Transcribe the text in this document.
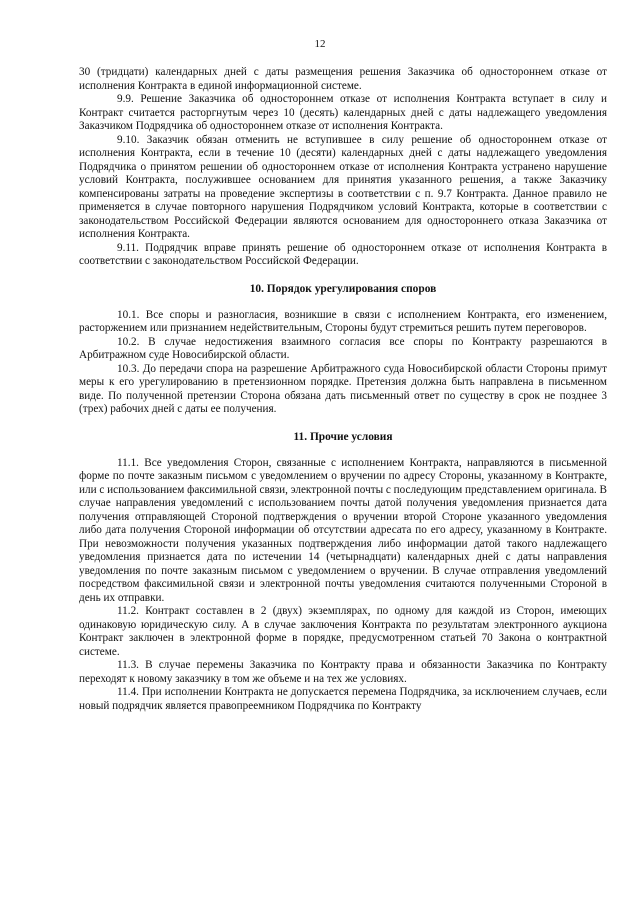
12

30 (тридцати) календарных дней с даты размещения решения Заказчика об одностороннем отказе от исполнения Контракта в единой информационной системе.

9.9. Решение Заказчика об одностороннем отказе от исполнения Контракта вступает в силу и Контракт считается расторгнутым через 10 (десять) календарных дней с даты надлежащего уведомления Заказчиком Подрядчика об одностороннем отказе от исполнения Контракта.

9.10. Заказчик обязан отменить не вступившее в силу решение об одностороннем отказе от исполнения Контракта, если в течение 10 (десяти) календарных дней с даты надлежащего уведомления Подрядчика о принятом решении об одностороннем отказе от исполнения Контракта устранено нарушение условий Контракта, послужившее основанием для принятия указанного решения, а также Заказчику компенсированы затраты на проведение экспертизы в соответствии с п. 9.7 Контракта. Данное правило не применяется в случае повторного нарушения Подрядчиком условий Контракта, которые в соответствии с законодательством Российской Федерации являются основанием для одностороннего отказа Заказчика от исполнения Контракта.

9.11. Подрядчик вправе принять решение об одностороннем отказе от исполнения Контракта в соответствии с законодательством Российской Федерации.

10. Порядок урегулирования споров

10.1. Все споры и разногласия, возникшие в связи с исполнением Контракта, его изменением, расторжением или признанием недействительным, Стороны будут стремиться решить путем переговоров.

10.2. В случае недостижения взаимного согласия все споры по Контракту разрешаются в Арбитражном суде Новосибирской области.

10.3. До передачи спора на разрешение Арбитражного суда Новосибирской области Стороны примут меры к его урегулированию в претензионном порядке. Претензия должна быть направлена в письменном виде. По полученной претензии Сторона обязана дать письменный ответ по существу в срок не позднее 3 (трех) рабочих дней с даты ее получения.

11. Прочие условия

11.1. Все уведомления Сторон, связанные с исполнением Контракта, направляются в письменной форме по почте заказным письмом с уведомлением о вручении по адресу Стороны, указанному в Контракте, или с использованием факсимильной связи, электронной почты с последующим представлением оригинала. В случае направления уведомлений с использованием почты датой получения уведомления признается дата получения отправляющей Стороной подтверждения о вручении второй Стороне указанного уведомления либо дата получения Стороной информации об отсутствии адресата по его адресу, указанному в Контракте. При невозможности получения указанных подтверждения либо информации датой такого надлежащего уведомления признается дата по истечении 14 (четырнадцати) календарных дней с даты направления уведомления по почте заказным письмом с уведомлением о вручении. В случае отправления уведомлений посредством факсимильной связи и электронной почты уведомления считаются полученными Стороной в день их отправки.

11.2. Контракт составлен в 2 (двух) экземплярах, по одному для каждой из Сторон, имеющих одинаковую юридическую силу. А в случае заключения Контракта по результатам электронного аукциона Контракт заключен в электронной форме в порядке, предусмотренном статьей 70 Закона о контрактной системе.

11.3. В случае перемены Заказчика по Контракту права и обязанности Заказчика по Контракту переходят к новому заказчику в том же объеме и на тех же условиях.

11.4. При исполнении Контракта не допускается перемена Подрядчика, за исключением случаев, если новый подрядчик является правопреемником Подрядчика по Контракту
